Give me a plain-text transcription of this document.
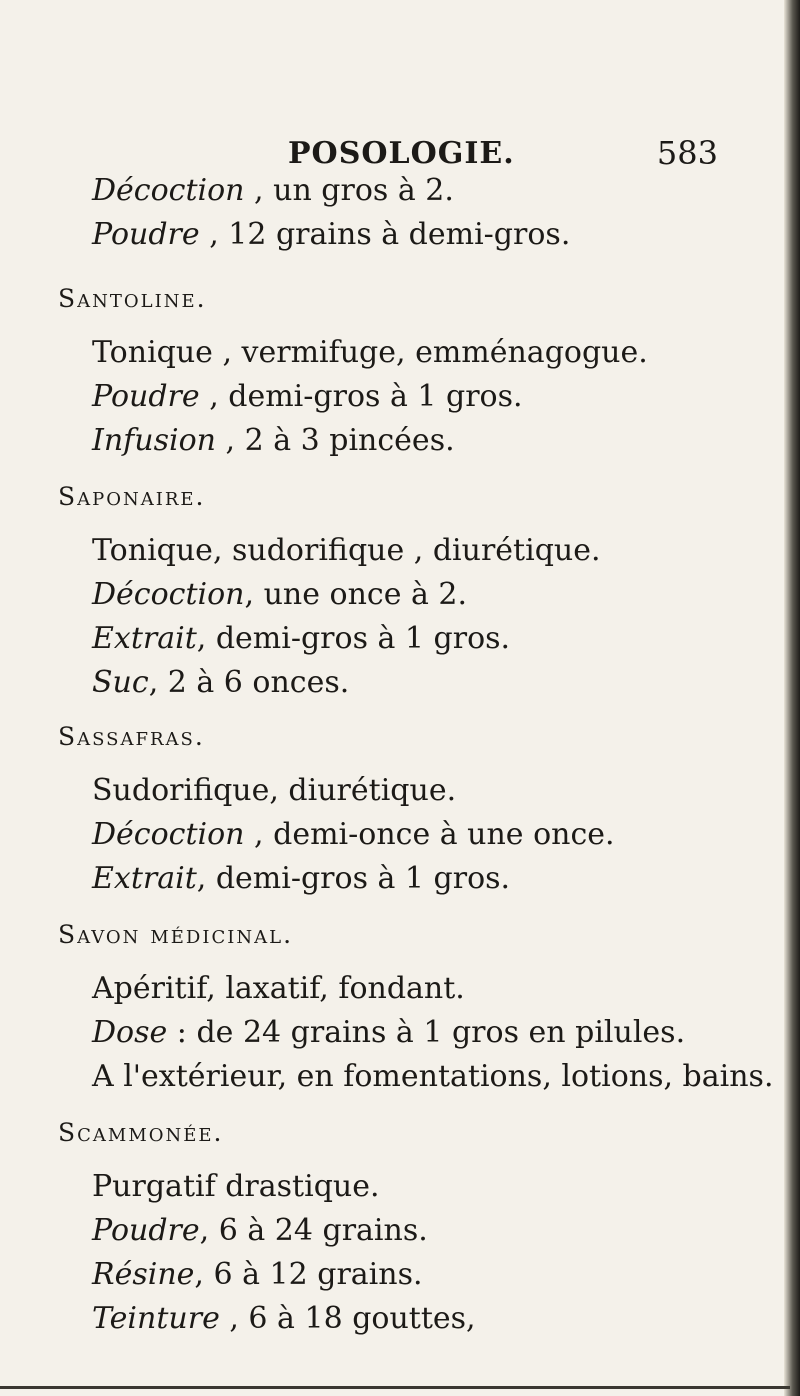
POSOLOGIE.	583
Décoction , un gros à 2.
Poudre , 12 grains à demi-gros.
Santoline.
Tonique , vermifuge, emménagogue.
Poudre , demi-gros à 1 gros.
Infusion , 2 à 3 pincées.
Saponaire.
Tonique, sudorifique , diurétique.
Décoction, une once à 2.
Extrait, demi-gros à 1 gros.
Suc, 2 à 6 onces.
Sassafras.
Sudorifique, diurétique.
Décoction , demi-once à une once.
Extrait, demi-gros à 1 gros.
Savon médicinal.
Apéritif, laxatif, fondant.
Dose : de 24 grains à 1 gros en pilules.
A l'extérieur, en fomentations, lotions, bains.
Scammonée.
Purgatif drastique.
Poudre, 6 à 24 grains.
Résine, 6 à 12 grains.
Teinture , 6 à 18 gouttes,
